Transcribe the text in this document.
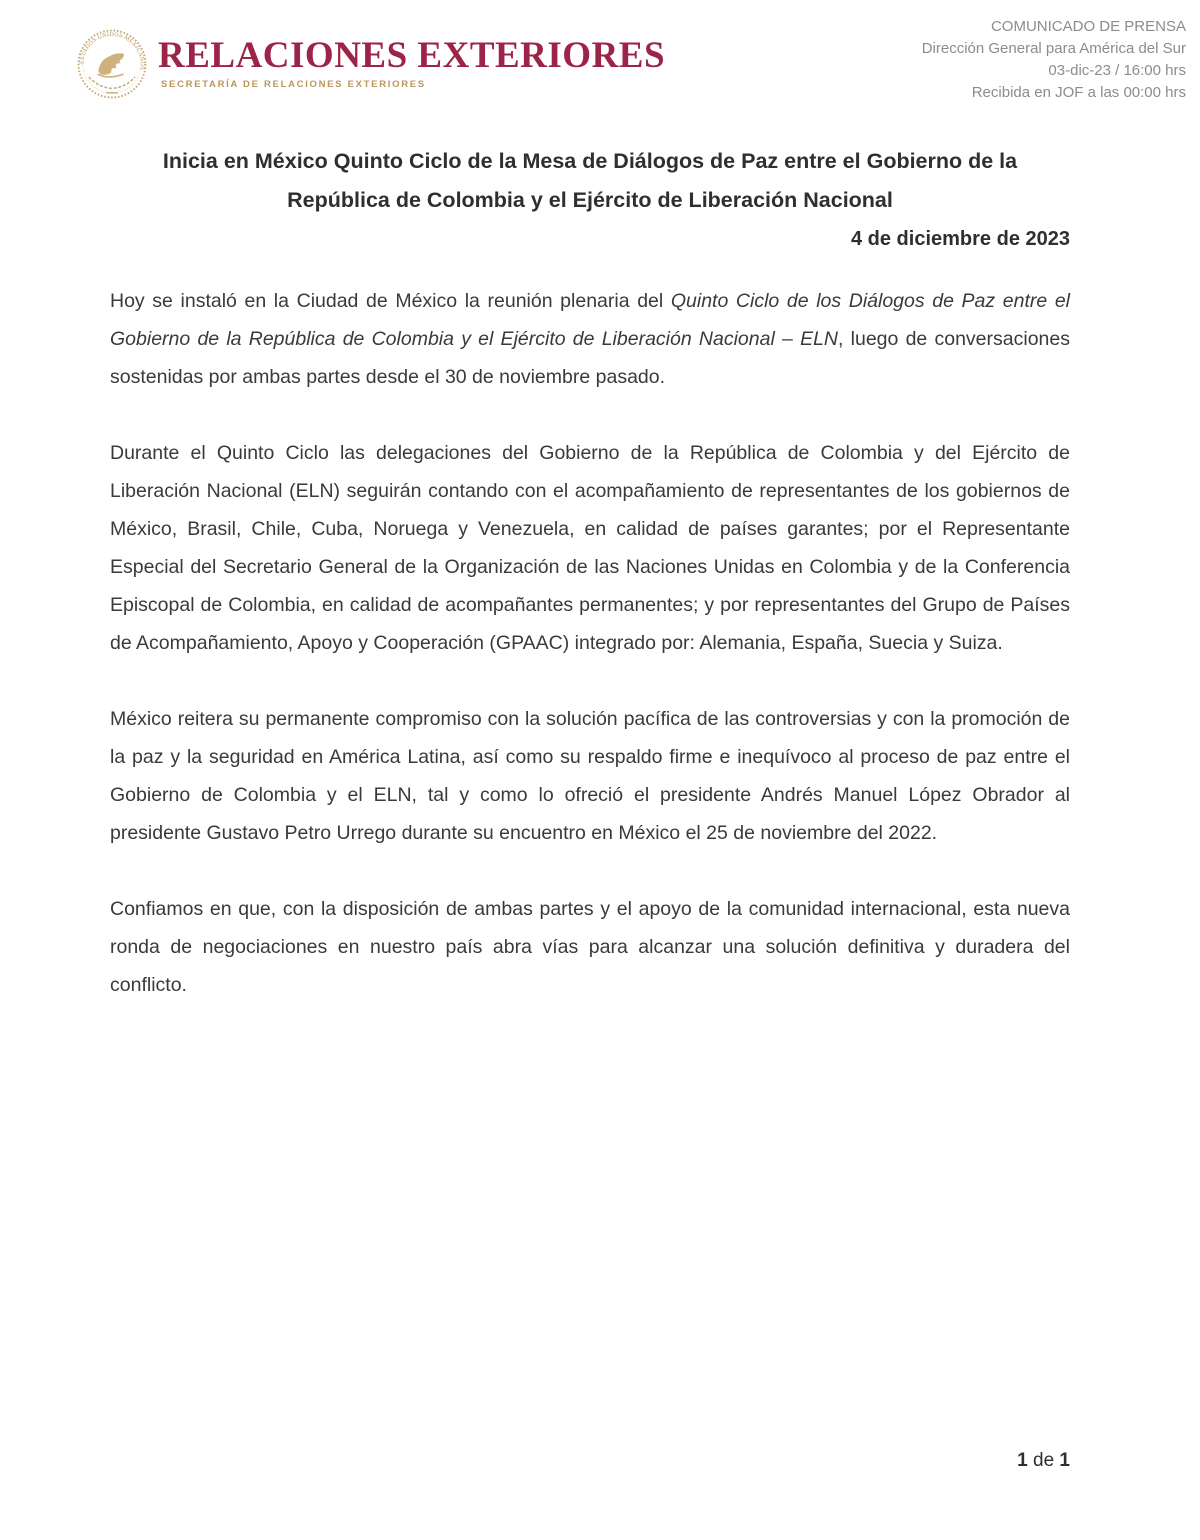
ESTADOS UNIDOS MEXICANOS RELACIONES EXTERIORES
SECRETARÍA DE RELACIONES EXTERIORES
COMUNICADO DE PRENSA
Dirección General para América del Sur
03-dic-23 / 16:00 hrs
Recibida en JOF a las 00:00 hrs
Inicia en México Quinto Ciclo de la Mesa de Diálogos de Paz entre el Gobierno de la
República de Colombia y el Ejército de Liberación Nacional
4 de diciembre de 2023

Hoy se instaló en la Ciudad de México la reunión plenaria del Quinto Ciclo de los Diálogos de Paz entre el Gobierno de la República de Colombia y el Ejército de Liberación Nacional – ELN, luego de conversaciones sostenidas por ambas partes desde el 30 de noviembre pasado.

Durante el Quinto Ciclo las delegaciones del Gobierno de la República de Colombia y del Ejército de Liberación Nacional (ELN) seguirán contando con el acompañamiento de representantes de los gobiernos de México, Brasil, Chile, Cuba, Noruega y Venezuela, en calidad de países garantes; por el Representante Especial del Secretario General de la Organización de las Naciones Unidas en Colombia y de la Conferencia Episcopal de Colombia, en calidad de acompañantes permanentes; y por representantes del Grupo de Países de Acompañamiento, Apoyo y Cooperación (GPAAC) integrado por: Alemania, España, Suecia y Suiza.

México reitera su permanente compromiso con la solución pacífica de las controversias y con la promoción de la paz y la seguridad en América Latina, así como su respaldo firme e inequívoco al proceso de paz entre el Gobierno de Colombia y el ELN, tal y como lo ofreció el presidente Andrés Manuel López Obrador al presidente Gustavo Petro Urrego durante su encuentro en México el 25 de noviembre del 2022.

Confiamos en que, con la disposición de ambas partes y el apoyo de la comunidad internacional, esta nueva ronda de negociaciones en nuestro país abra vías para alcanzar una solución definitiva y duradera del conflicto.

1 de 1
